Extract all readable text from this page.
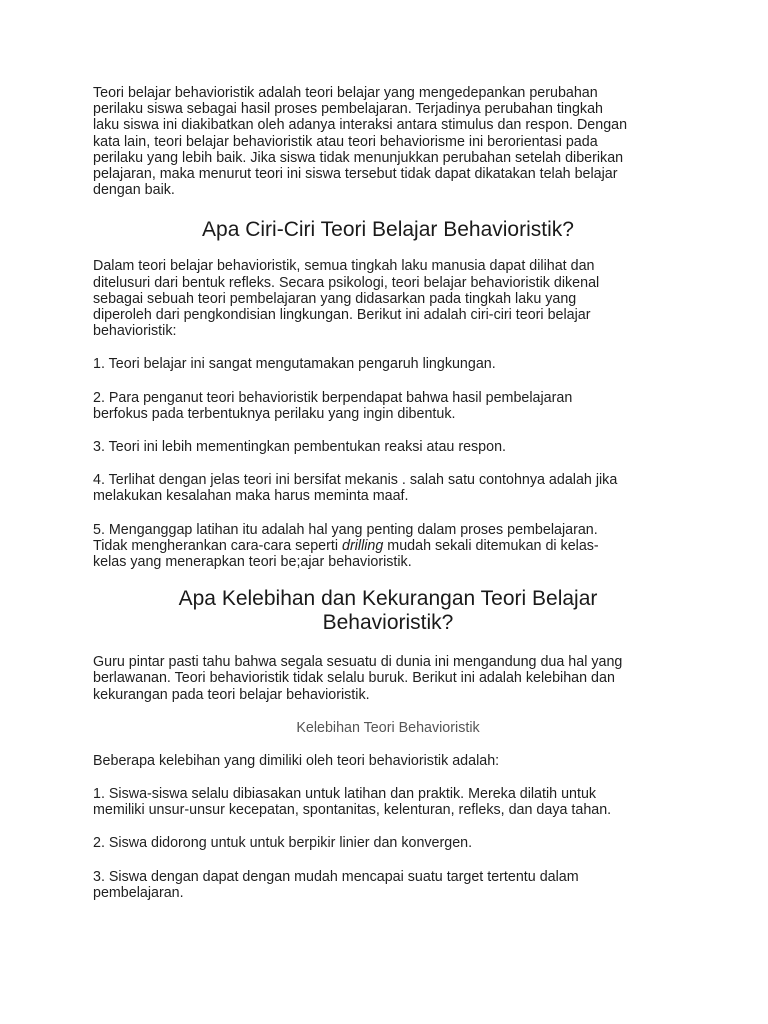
Teori belajar behavioristik adalah teori belajar yang mengedepankan perubahan
perilaku siswa sebagai hasil proses pembelajaran. Terjadinya perubahan tingkah
laku siswa ini diakibatkan oleh adanya interaksi antara stimulus dan respon. Dengan
kata lain, teori belajar behavioristik atau teori behaviorisme ini berorientasi pada
perilaku yang lebih baik. Jika siswa tidak menunjukkan perubahan setelah diberikan
pelajaran, maka menurut teori ini siswa tersebut tidak dapat dikatakan telah belajar
dengan baik.

Apa Ciri-Ciri Teori Belajar Behavioristik?

Dalam teori belajar behavioristik, semua tingkah laku manusia dapat dilihat dan
ditelusuri dari bentuk refleks. Secara psikologi, teori belajar behavioristik dikenal
sebagai sebuah teori pembelajaran yang didasarkan pada tingkah laku yang
diperoleh dari pengkondisian lingkungan. Berikut ini adalah ciri-ciri teori belajar
behavioristik:

1. Teori belajar ini sangat mengutamakan pengaruh lingkungan.

2. Para penganut teori behavioristik berpendapat bahwa hasil pembelajaran
berfokus pada terbentuknya perilaku yang ingin dibentuk.

3. Teori ini lebih mementingkan pembentukan reaksi atau respon.

4. Terlihat dengan jelas teori ini bersifat mekanis . salah satu contohnya adalah jika
melakukan kesalahan maka harus meminta maaf.

5. Menganggap latihan itu adalah hal yang penting dalam proses pembelajaran.
Tidak mengherankan cara-cara seperti drilling mudah sekali ditemukan di kelas-
kelas yang menerapkan teori be;ajar behavioristik.

Apa Kelebihan dan Kekurangan Teori Belajar
Behavioristik?

Guru pintar pasti tahu bahwa segala sesuatu di dunia ini mengandung dua hal yang
berlawanan. Teori behavioristik tidak selalu buruk. Berikut ini adalah kelebihan dan
kekurangan pada teori belajar behavioristik.

Kelebihan Teori Behavioristik

Beberapa kelebihan yang dimiliki oleh teori behavioristik adalah:

1. Siswa-siswa selalu dibiasakan untuk latihan dan praktik. Mereka dilatih untuk
memiliki unsur-unsur kecepatan, spontanitas, kelenturan, refleks, dan daya tahan.

2. Siswa didorong untuk untuk berpikir linier dan konvergen.

3. Siswa dengan dapat dengan mudah mencapai suatu target tertentu dalam
pembelajaran.
